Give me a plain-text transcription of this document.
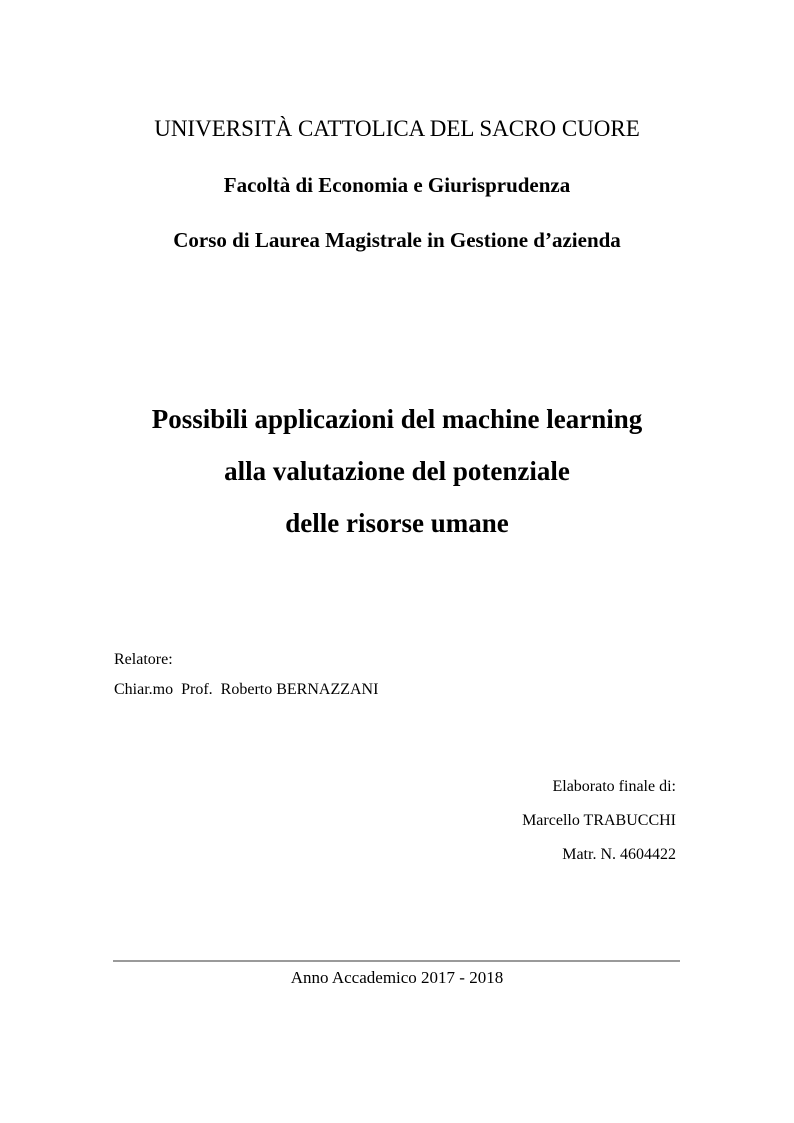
UNIVERSITÀ CATTOLICA DEL SACRO CUORE
Facoltà di Economia e Giurisprudenza
Corso di Laurea Magistrale in Gestione d’azienda
Possibili applicazioni del machine learning
alla valutazione del potenziale
delle risorse umane
Relatore:
Chiar.mo  Prof.  Roberto BERNAZZANI
Elaborato finale di:
Marcello TRABUCCHI
Matr. N. 4604422
Anno Accademico 2017 - 2018
